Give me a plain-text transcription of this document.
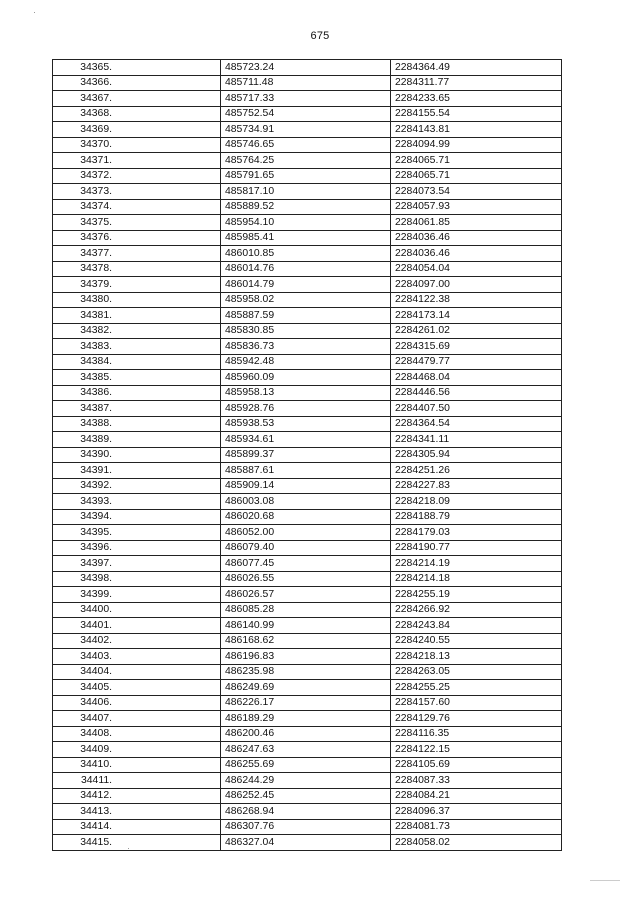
675
34365.	485723.24	2284364.49
34366.	485711.48	2284311.77
34367.	485717.33	2284233.65
34368.	485752.54	2284155.54
34369.	485734.91	2284143.81
34370.	485746.65	2284094.99
34371.	485764.25	2284065.71
34372.	485791.65	2284065.71
34373.	485817.10	2284073.54
34374.	485889.52	2284057.93
34375.	485954.10	2284061.85
34376.	485985.41	2284036.46
34377.	486010.85	2284036.46
34378.	486014.76	2284054.04
34379.	486014.79	2284097.00
34380.	485958.02	2284122.38
34381.	485887.59	2284173.14
34382.	485830.85	2284261.02
34383.	485836.73	2284315.69
34384.	485942.48	2284479.77
34385.	485960.09	2284468.04
34386.	485958.13	2284446.56
34387.	485928.76	2284407.50
34388.	485938.53	2284364.54
34389.	485934.61	2284341.11
34390.	485899.37	2284305.94
34391.	485887.61	2284251.26
34392.	485909.14	2284227.83
34393.	486003.08	2284218.09
34394.	486020.68	2284188.79
34395.	486052.00	2284179.03
34396.	486079.40	2284190.77
34397.	486077.45	2284214.19
34398.	486026.55	2284214.18
34399.	486026.57	2284255.19
34400.	486085.28	2284266.92
34401.	486140.99	2284243.84
34402.	486168.62	2284240.55
34403.	486196.83	2284218.13
34404.	486235.98	2284263.05
34405.	486249.69	2284255.25
34406.	486226.17	2284157.60
34407.	486189.29	2284129.76
34408.	486200.46	2284116.35
34409.	486247.63	2284122.15
34410.	486255.69	2284105.69
34411.	486244.29	2284087.33
34412.	486252.45	2284084.21
34413.	486268.94	2284096.37
34414.	486307.76	2284081.73
34415.	486327.04	2284058.02
